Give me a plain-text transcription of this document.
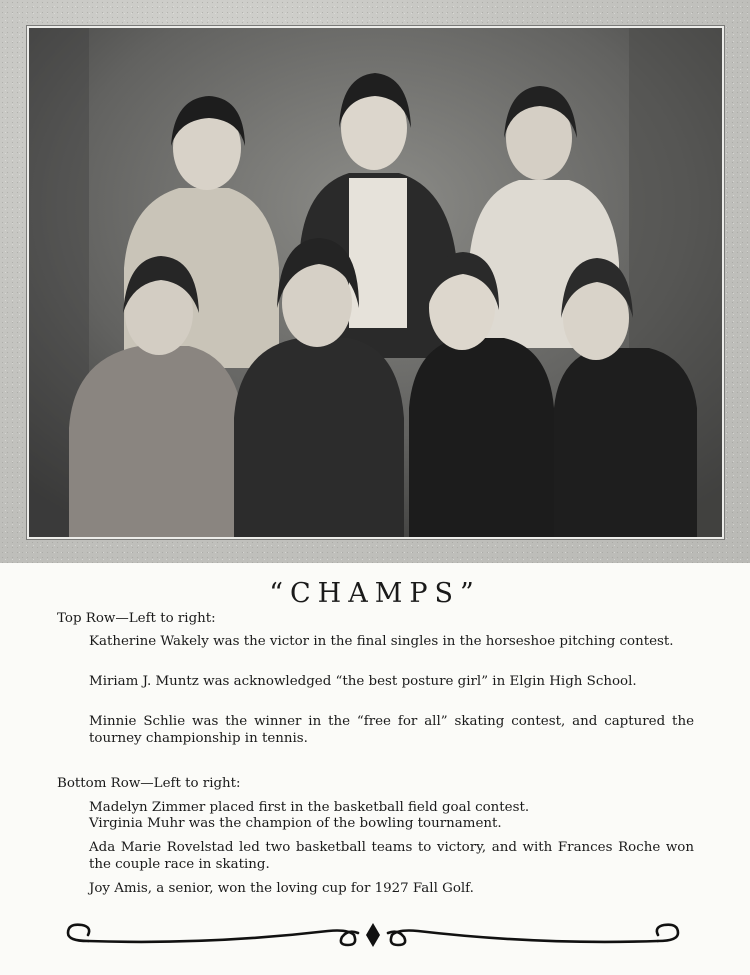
“CHAMPS”

Top Row—Left to right:

Katherine Wakely was the victor in the final singles in the horseshoe pitching contest.

Miriam J. Muntz was acknowledged “the best posture girl” in Elgin High School.

Minnie Schlie was the winner in the “free for all” skating contest, and captured the tourney championship in tennis.

Bottom Row—Left to right:

Madelyn Zimmer placed first in the basketball field goal contest.

Virginia Muhr was the champion of the bowling tournament.

Ada Marie Rovelstad led two basketball teams to victory, and with Frances Roche won the couple race in skating.

Joy Amis, a senior, won the loving cup for 1927 Fall Golf.
